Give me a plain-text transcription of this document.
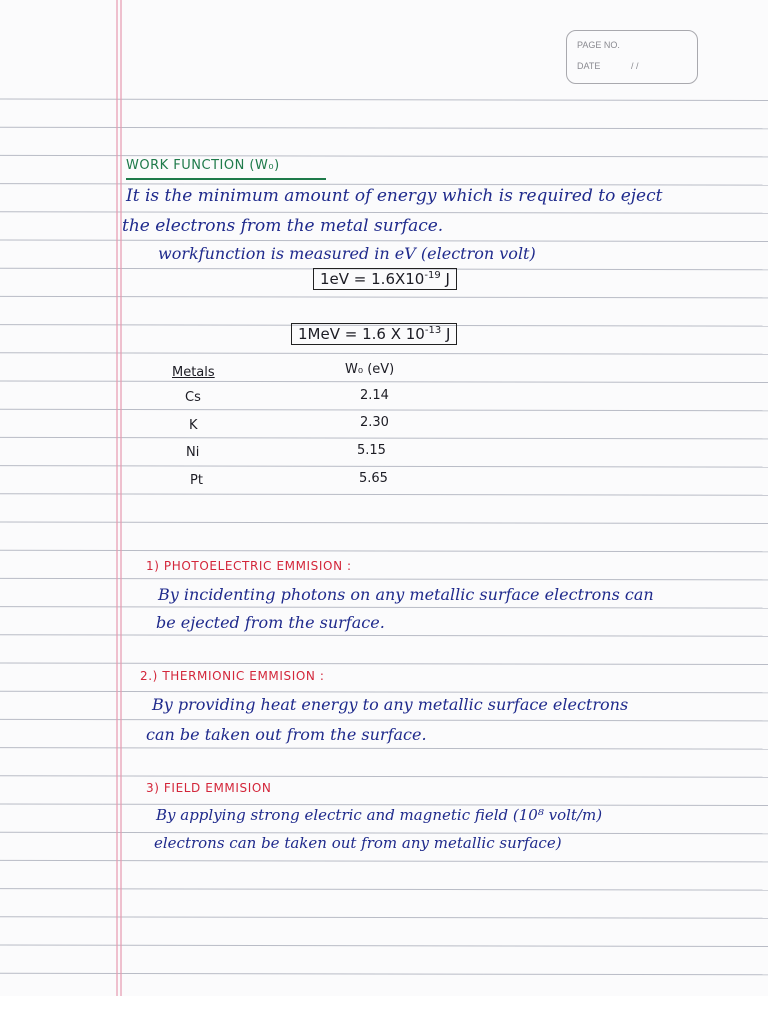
PAGE NO.
DATE	/ /
WORK FUNCTION (W₀)
It is the minimum amount of energy which is required to eject
the electrons from the metal surface.
workfunction is measured in eV (electron volt)
$1eV = 1.6X10^{-19}$ J
1MeV = 1.6 X $10^{-13}$ J
Metals	W₀ (eV)
Cs	2.14
K	2.30
Ni	5.15
Pt	5.65
1) PHOTOELECTRIC EMMISION :
By incidenting photons on any metallic surface electrons can
be ejected from the surface.
2.) THERMIONIC EMMISION :
By providing heat energy to any metallic surface electrons
can be taken out from the surface.
3) FIELD EMMISION
By applying strong electric and magnetic field (10⁸ volt/m)
electrons can be taken out from any metallic surface)
